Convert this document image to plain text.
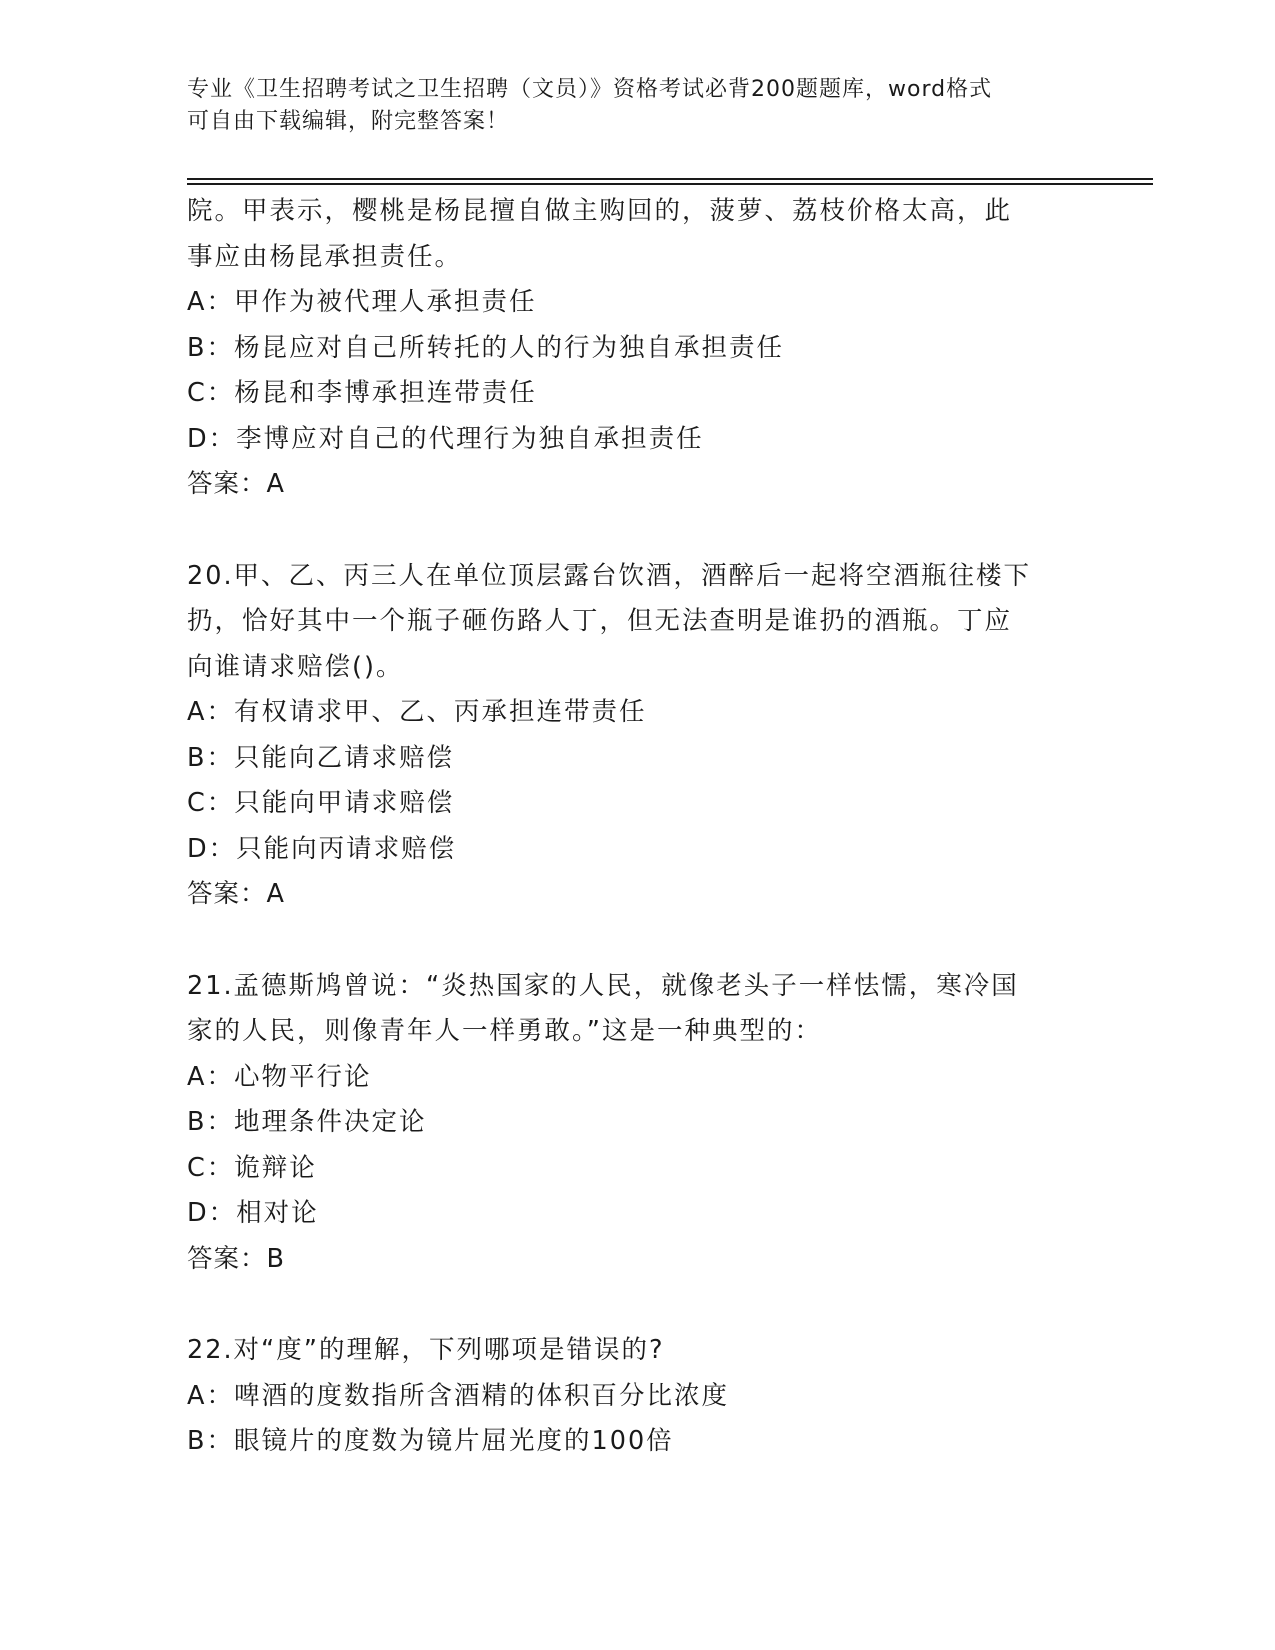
专业《卫生招聘考试之卫生招聘（文员）》资格考试必背200题题库，word格式
可自由下载编辑，附完整答案！
院。甲表示，樱桃是杨昆擅自做主购回的，菠萝、荔枝价格太高，此
事应由杨昆承担责任。
A：甲作为被代理人承担责任
B：杨昆应对自己所转托的人的行为独自承担责任
C：杨昆和李博承担连带责任
D：李博应对自己的代理行为独自承担责任
答案：A
20.甲、乙、丙三人在单位顶层露台饮酒，酒醉后一起将空酒瓶往楼下
扔，恰好其中一个瓶子砸伤路人丁，但无法查明是谁扔的酒瓶。丁应
向谁请求赔偿()。
A：有权请求甲、乙、丙承担连带责任
B：只能向乙请求赔偿
C：只能向甲请求赔偿
D：只能向丙请求赔偿
答案：A
21.孟德斯鸠曾说：“炎热国家的人民，就像老头子一样怯懦，寒冷国
家的人民，则像青年人一样勇敢。”这是一种典型的：
A：心物平行论
B：地理条件决定论
C：诡辩论
D：相对论
答案：B
22.对“度”的理解，下列哪项是错误的?
A：啤酒的度数指所含酒精的体积百分比浓度
B：眼镜片的度数为镜片屈光度的100倍
